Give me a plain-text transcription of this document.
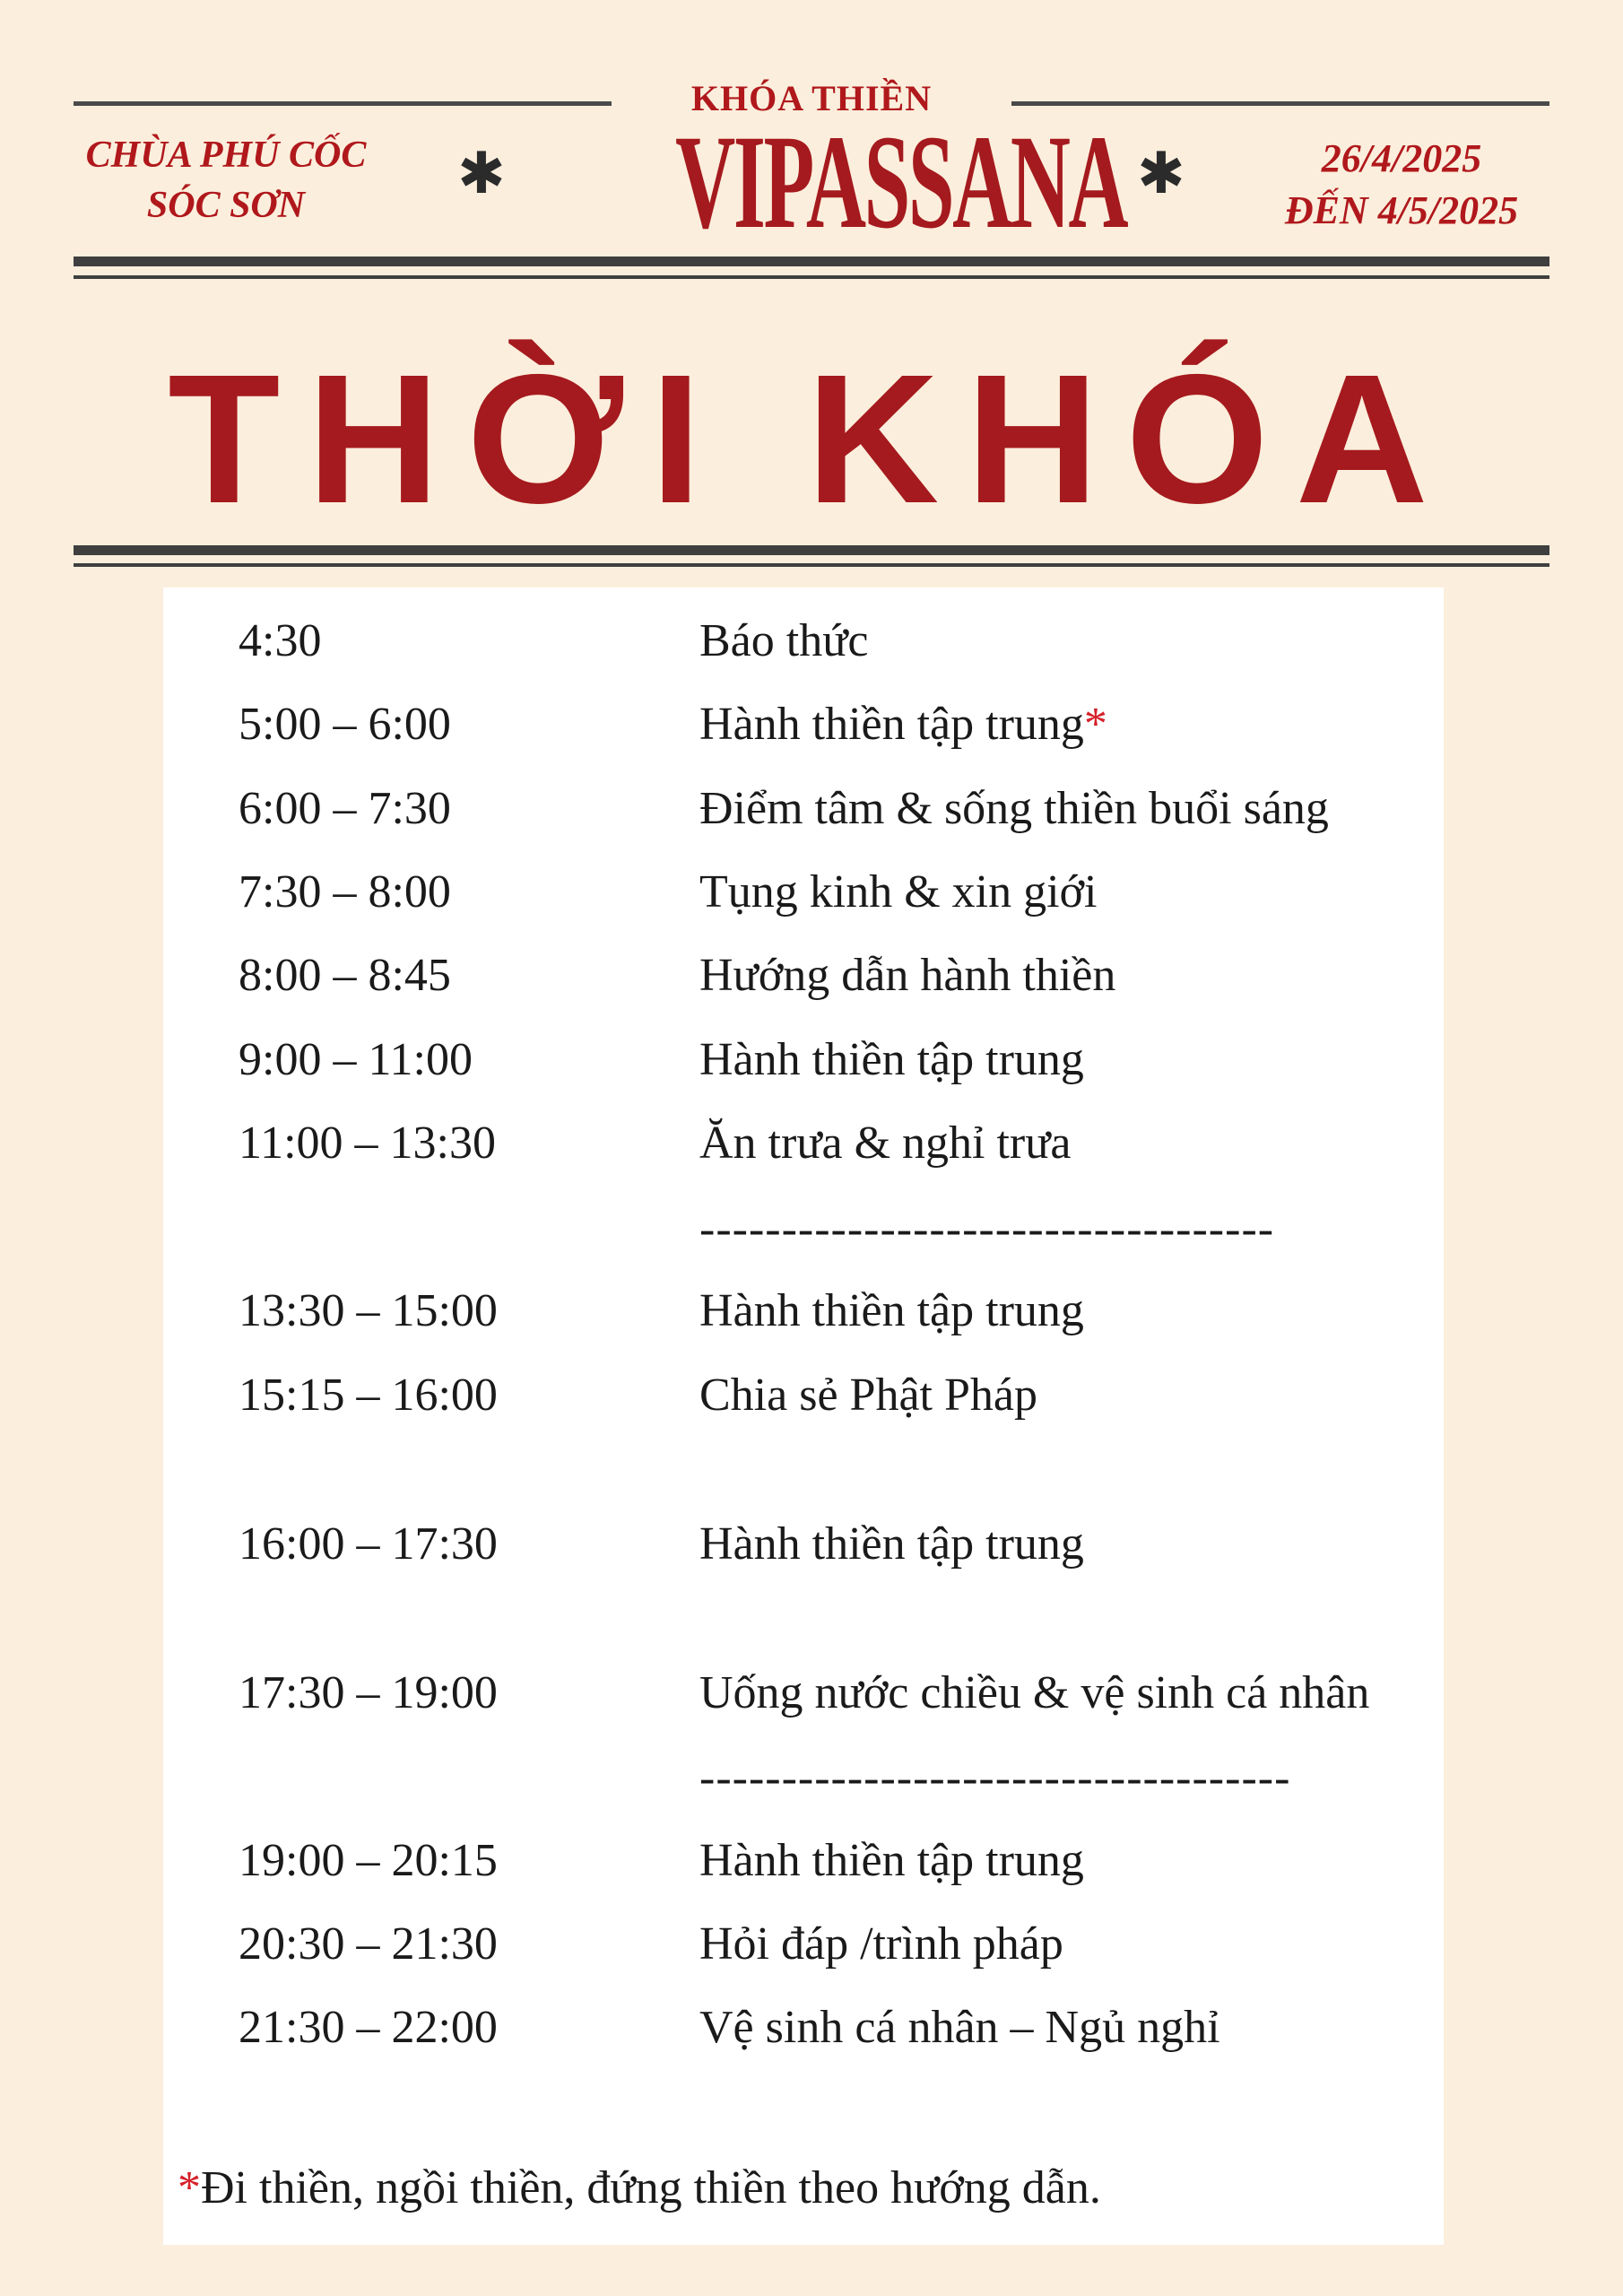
KHÓA THIỀN
VIPASSANA
CHÙA PHÚ CỐC
SÓC SƠN	✱	✱	26/4/2025
ĐẾN 4/5/2025
THỜI KHÓA
4:30	Báo thức
5:00 – 6:00	Hành thiền tập trung*
6:00 – 7:30	Điểm tâm & sống thiền buổi sáng
7:30 – 8:00	Tụng kinh & xin giới
8:00 – 8:45	Hướng dẫn hành thiền
9:00 – 11:00	Hành thiền tập trung
11:00 – 13:30	Ăn trưa & nghỉ trưa
-----------------------------------
13:30 – 15:00	Hành thiền tập trung
15:15 – 16:00	Chia sẻ Phật Pháp
16:00 – 17:30	Hành thiền tập trung
17:30 – 19:00	Uống nước chiều & vệ sinh cá nhân
------------------------------------
19:00 – 20:15	Hành thiền tập trung
20:30 – 21:30	Hỏi đáp /trình pháp
21:30 – 22:00	Vệ sinh cá nhân – Ngủ nghỉ
*Đi thiền, ngồi thiền, đứng thiền theo hướng dẫn.
